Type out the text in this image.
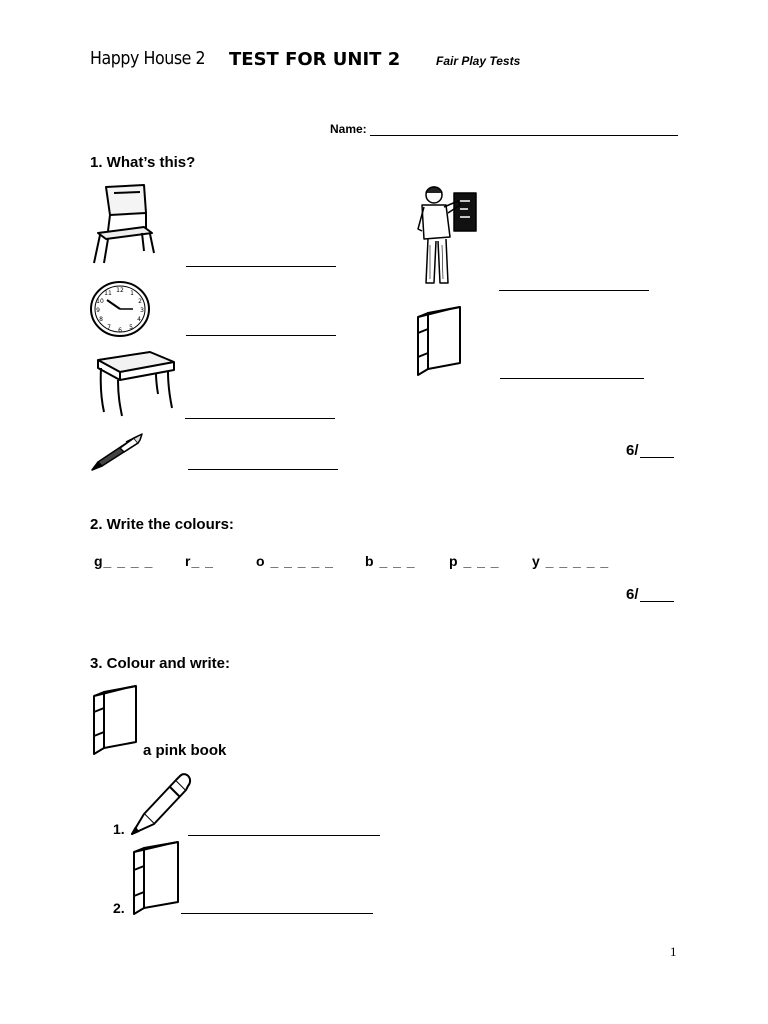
Happy House 2 TEST FOR UNIT 2	Fair Play Tests
Name:
1. What’s this?
12 1
2
3
4
5
6
7
8
9
10
11
6/
2. Write the colours:
g_ _ _ _ r_ _	o _ _ _ _ _ b _ _ _ p _ _ _ y _ _ _ _ _
6/
3. Colour and write:
a pink book
1.
2.
1
